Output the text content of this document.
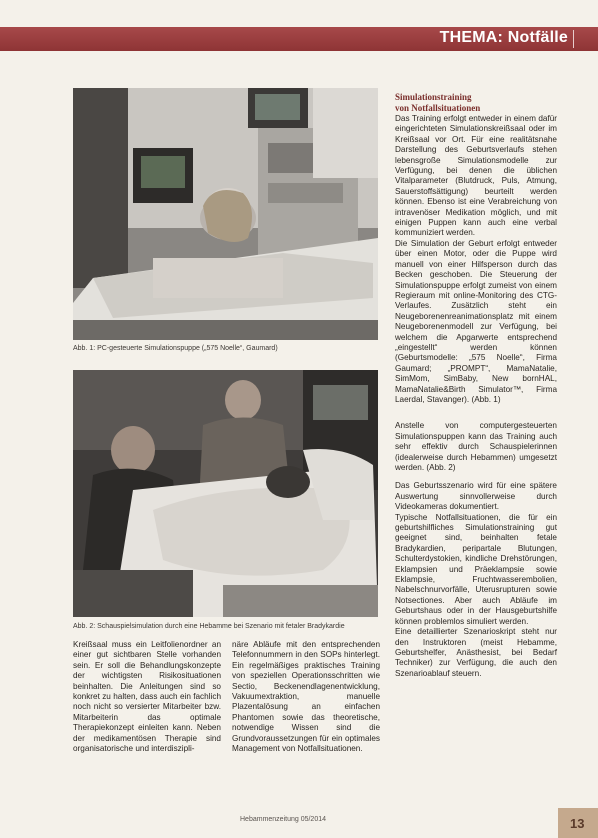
THEMA: Notfälle
Abb. 1: PC-gesteuerte Simulationspuppe („575 Noelle“, Gaumard)
Abb. 2: Schauspielsimulation durch eine Hebamme bei Szenario mit fetaler Bradykardie
Simulationstraining
von Notfallsituationen

Das Training erfolgt entweder in einem dafür eingerichteten Simulationskreißsaal oder im Kreißsaal vor Ort. Für eine realitätsnahe Darstellung des Geburtsverlaufs stehen lebensgroße Simulationsmodelle zur Verfügung, bei denen die üblichen Vitalparameter (Blutdruck, Puls, Atmung, Sauerstoffsättigung) beurteilt werden können. Ebenso ist eine Verabreichung von intravenöser Medikation möglich, und mit einigen Puppen kann auch eine verbal kommuniziert werden.

Die Simulation der Geburt erfolgt entweder über einen Motor, oder die Puppe wird manuell von einer Hilfsperson durch das Becken geschoben. Die Steuerung der Simulationspuppe erfolgt zumeist von einem Regieraum mit online-Monitoring des CTG-Verlaufes. Zusätzlich steht ein Neugeborenenreanimationsplatz mit einem Neugeborenenmodell zur Verfügung, bei welchem die Apgarwerte entsprechend „eingestellt“ werden können (Geburtsmodelle: „575 Noelle“, Firma Gaumard; „PROMPT“, MamaNatalie, SimMom, SimBaby, New bornHAL, MamaNatalie&Birth Simulator™, Firma Laerdal, Stavanger). (Abb. 1)

Anstelle von computergesteuerten Simulationspuppen kann das Training auch sehr effektiv durch Schauspielerinnen (idealerweise durch Hebammen) umgesetzt werden. (Abb. 2)

Das Geburtsszenario wird für eine spätere Auswertung sinnvollerweise durch Videokameras dokumentiert.

Typische Notfallsituationen, die für ein geburtshilfliches Simulationstraining gut geeignet sind, beinhalten fetale Bradykardien, peripartale Blutungen, Schulterdystokien, kindliche Drehstörungen, Eklampsien und Präeklampsie sowie Eklampsie, Fruchtwasserembolien, Nabelschnurvorfälle, Uterusrupturen sowie Notsectiones. Aber auch Abläufe im Geburtshaus oder in der Hausgeburtshilfe können problemlos simuliert werden.

Eine detaillierter Szenarioskript steht nur den Instruktoren (meist Hebamme, Geburtshelfer, Anästhesist, bei Bedarf Techniker) zur Verfügung, die auch den Szenarioablauf steuern.

Kreißsaal muss ein Leitfolienordner an einer gut sichtbaren Stelle vorhanden sein. Er soll die Behandlungskonzepte der wichtigsten Risikosituationen beinhalten. Die Anleitungen sind so konkret zu halten, dass auch ein fachlich noch nicht so versierter Mitarbeiter bzw. Mitarbeiterin das optimale Therapiekonzept einleiten kann. Neben der medikamentösen Therapie sind organisatorische und interdiszipli-

näre Abläufe mit den entsprechenden Telefonnummern in den SOPs hinterlegt. Ein regelmäßiges praktisches Training von speziellen Operationsschritten wie Sectio, Beckenendlagenentwicklung, Vakuumextraktion, manuelle Plazentalösung an einfachen Phantomen sowie das theoretische, notwendige Wissen sind die Grundvoraussetzungen für ein optimales Management von Notfallsituationen.

Hebammenzeitung 05/2014	13
